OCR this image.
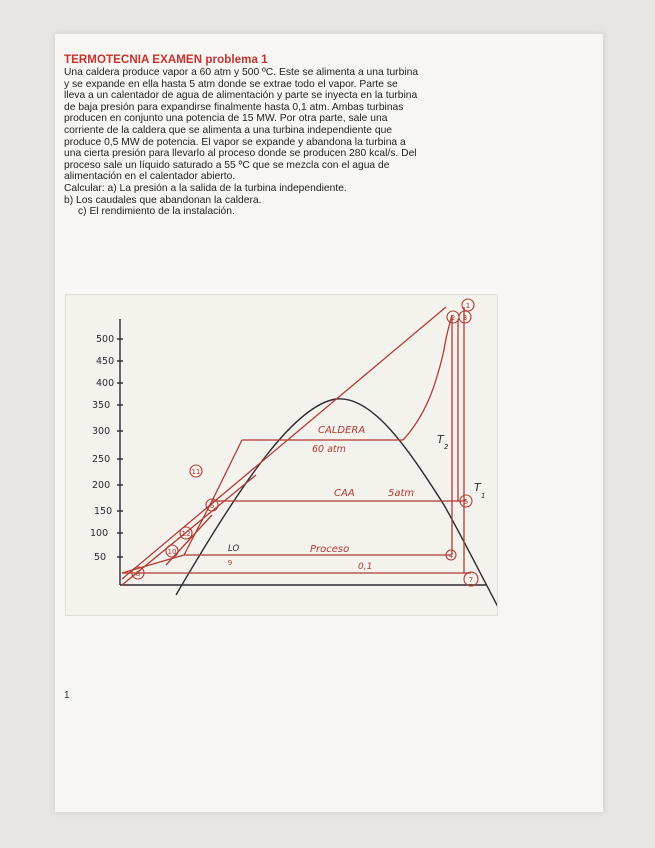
TERMOTECNIA EXAMEN problema 1

Una caldera produce vapor a 60 atm y 500 ºC. Este se alimenta a una turbina

y se expande en ella hasta 5 atm donde se extrae todo el vapor. Parte se

lleva a un calentador de agua de alimentación y parte se inyecta en la turbina

de baja presión para expandirse finalmente hasta 0,1 atm. Ambas turbinas

producen en conjunto una potencia de 15 MW. Por otra parte, sale una

corriente de la caldera que se alimenta a una turbina independiente que

produce 0,5 MW de potencia. El vapor se expande y abandona la turbina a

una cierta presión para llevarlo al proceso donde se producen 280 kcal/s. Del

proceso sale un líquido saturado a 55 ºC que se mezcla con el agua de

alimentación en el calentador abierto.

Calcular: a) La presión a la salida de la turbina independiente.

b) Los caudales que abandonan la caldera.

c) El rendimiento de la instalación.

500
450
400
350
300
250
200
150
100
50
1
2 3
4
5
6
7
8
9
10
11
12
CALDERA
60 atm
CAA	5atm
Proceso
0,1
LO
T
2
T
1
1
